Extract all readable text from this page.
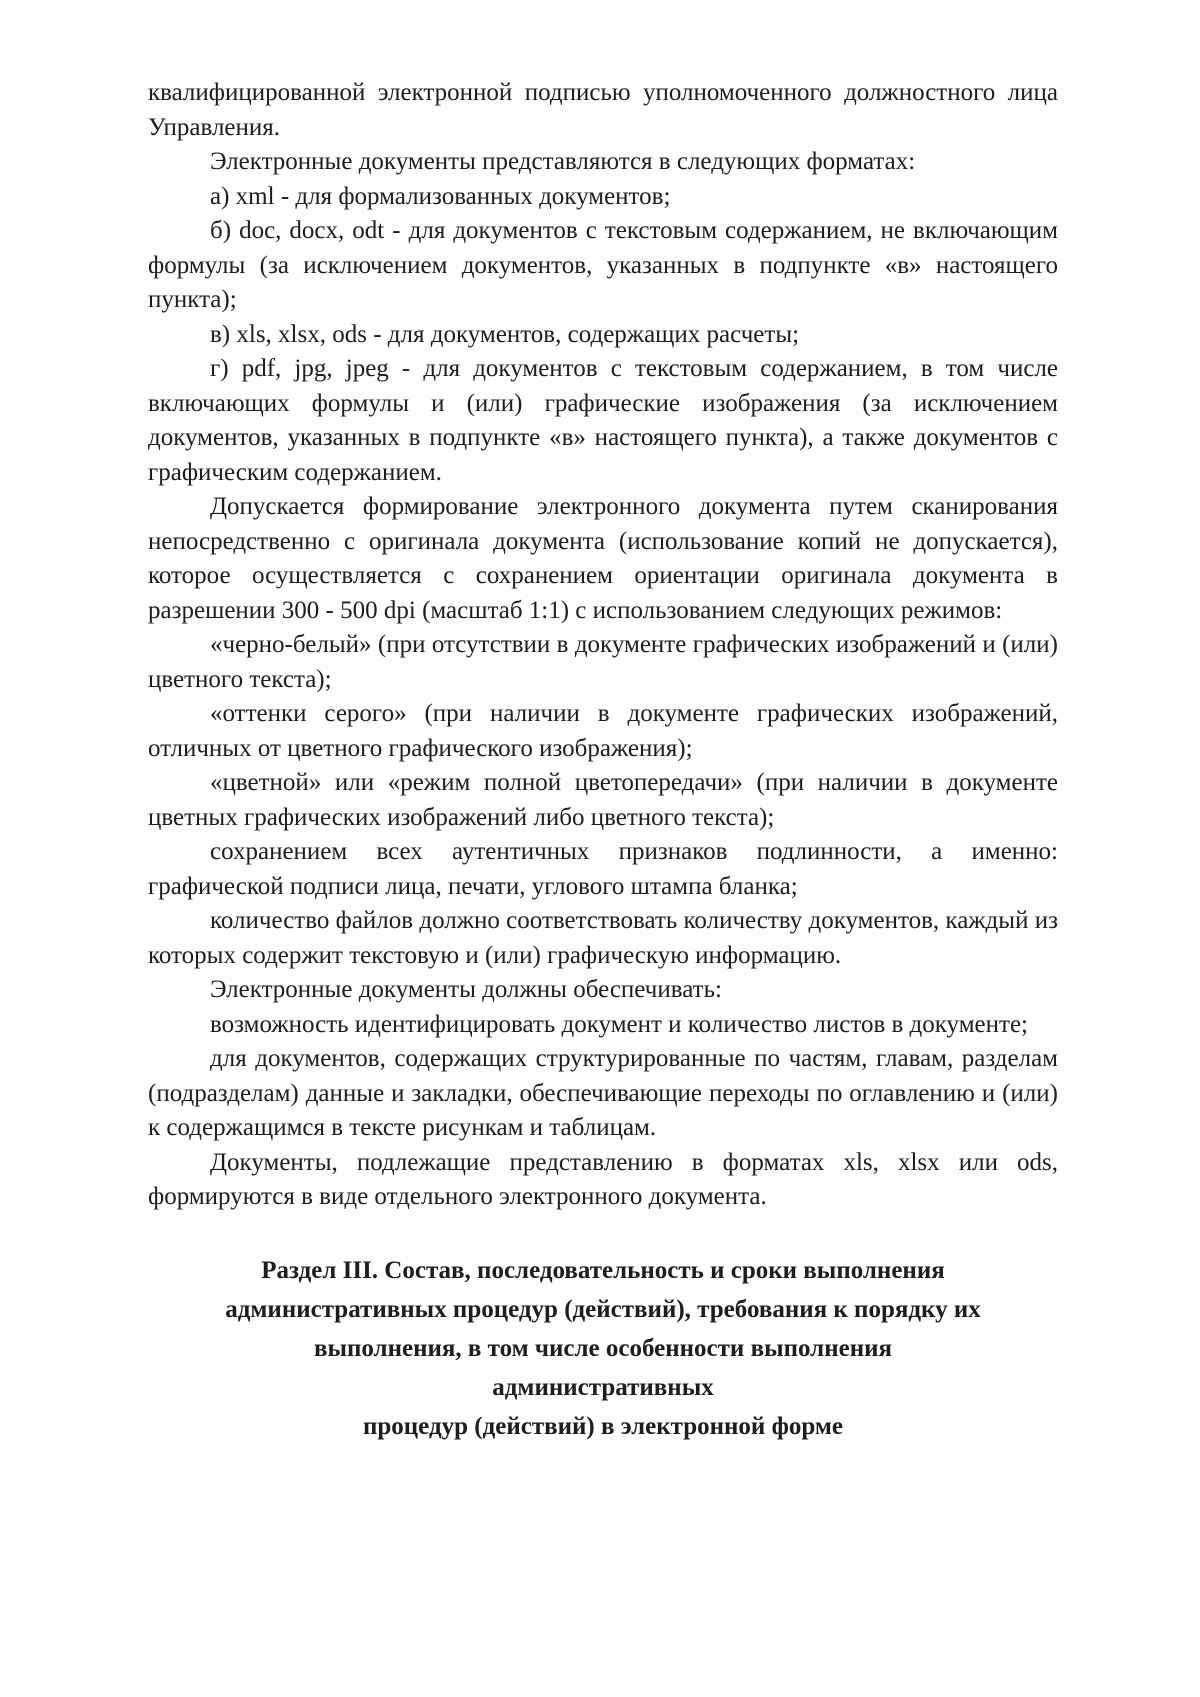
квалифицированной электронной подписью уполномоченного должностного лица Управления.

Электронные документы представляются в следующих форматах:

а) xml - для формализованных документов;

б) doc, docx, odt - для документов с текстовым содержанием, не включающим формулы (за исключением документов, указанных в подпункте «в» настоящего пункта);

в) xls, xlsx, ods - для документов, содержащих расчеты;

г) pdf, jpg, jpeg - для документов с текстовым содержанием, в том числе включающих формулы и (или) графические изображения (за исключением документов, указанных в подпункте «в» настоящего пункта), а также документов с графическим содержанием.

Допускается формирование электронного документа путем сканирования непосредственно с оригинала документа (использование копий не допускается), которое осуществляется с сохранением ориентации оригинала документа в разрешении 300 - 500 dpi (масштаб 1:1) с использованием следующих режимов:

«черно-белый» (при отсутствии в документе графических изображений и (или) цветного текста);

«оттенки серого» (при наличии в документе графических изображений, отличных от цветного графического изображения);

«цветной» или «режим полной цветопередачи» (при наличии в документе цветных графических изображений либо цветного текста);

сохранением всех аутентичных признаков подлинности, а именно: графической подписи лица, печати, углового штампа бланка;

количество файлов должно соответствовать количеству документов, каждый из которых содержит текстовую и (или) графическую информацию.

Электронные документы должны обеспечивать:

возможность идентифицировать документ и количество листов в документе;

для документов, содержащих структурированные по частям, главам, разделам (подразделам) данные и закладки, обеспечивающие переходы по оглавлению и (или) к содержащимся в тексте рисункам и таблицам.

Документы, подлежащие представлению в форматах xls, xlsx или ods, формируются в виде отдельного электронного документа.

Раздел III. Состав, последовательность и сроки выполнения
административных процедур (действий), требования к порядку их
выполнения, в том числе особенности выполнения административных
процедур (действий) в электронной форме
